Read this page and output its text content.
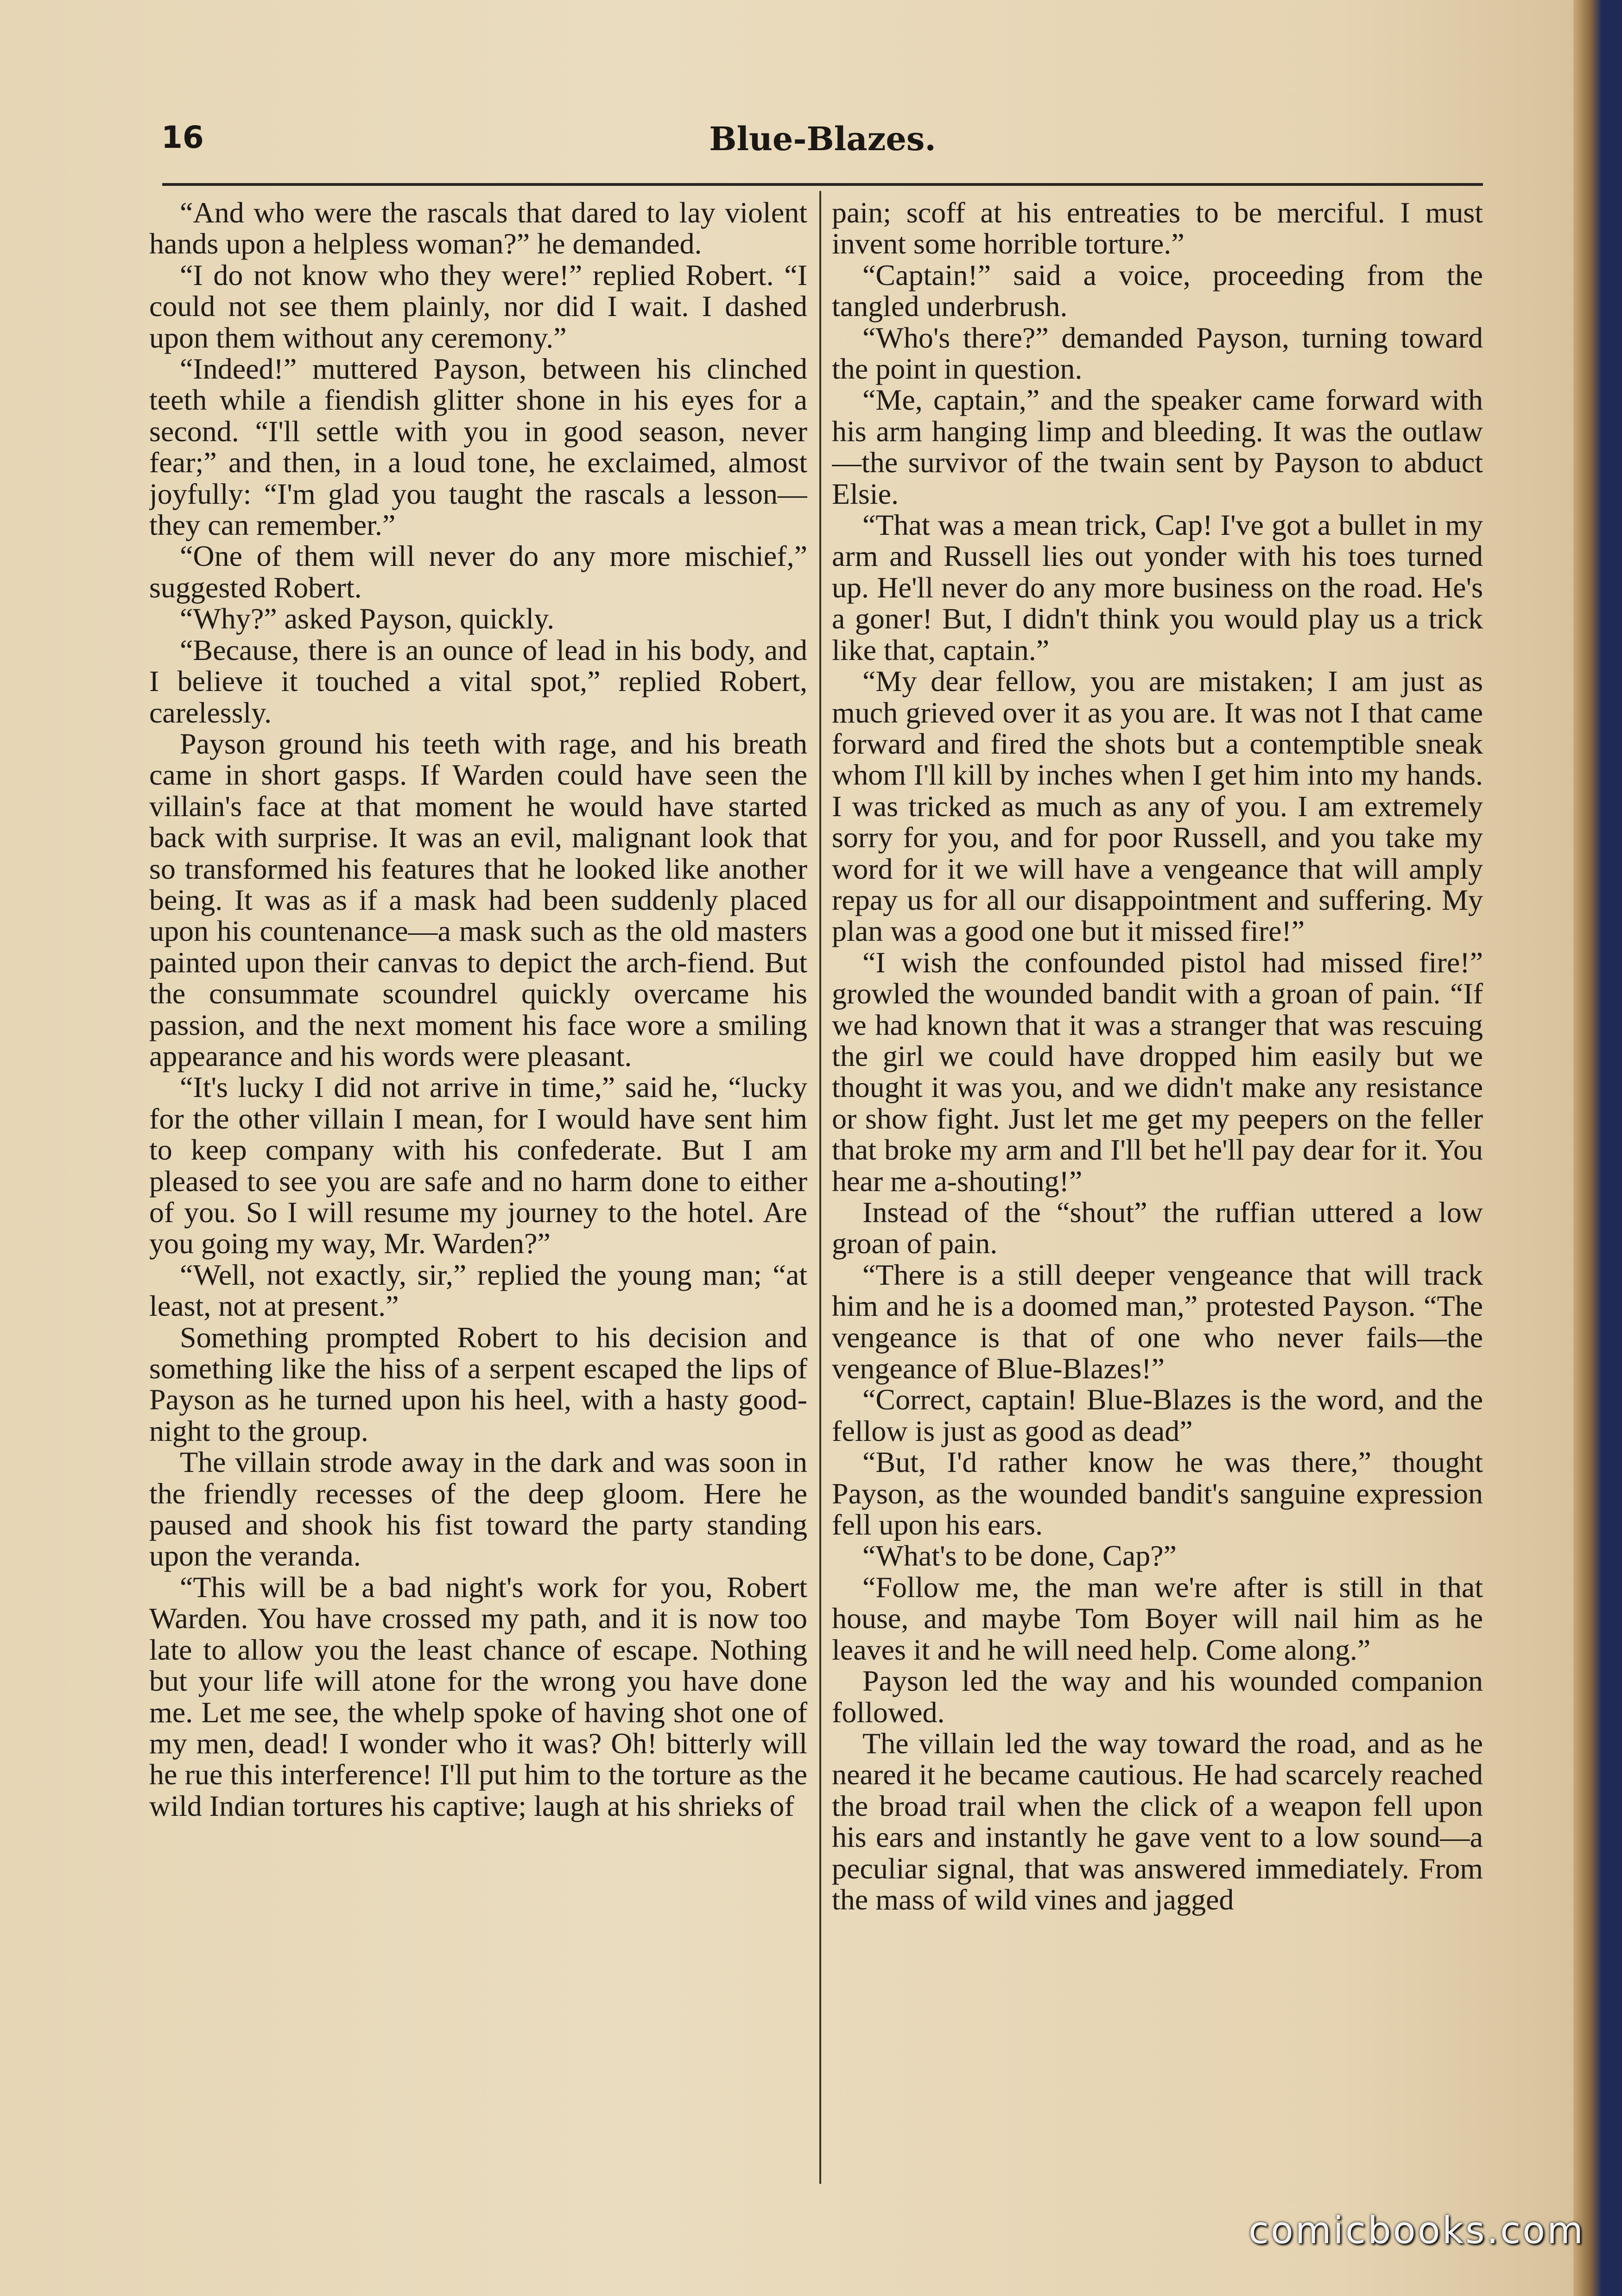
16	Blue-Blazes.

“And who were the rascals that dared to lay violent hands upon a helpless woman?” he demanded.

“I do not know who they were!” replied Robert. “I could not see them plainly, nor did I wait. I dashed upon them without any ceremony.”

“Indeed!” muttered Payson, between his clinched teeth while a fiendish glitter shone in his eyes for a second. “I'll settle with you in good season, never fear;” and then, in a loud tone, he exclaimed, almost joyfully: “I'm glad you taught the rascals a lesson—they can remember.”

“One of them will never do any more mischief,” suggested Robert.

“Why?” asked Payson, quickly.

“Because, there is an ounce of lead in his body, and I believe it touched a vital spot,” replied Robert, carelessly.

Payson ground his teeth with rage, and his breath came in short gasps. If Warden could have seen the villain's face at that moment he would have started back with surprise. It was an evil, malignant look that so transformed his features that he looked like another being. It was as if a mask had been suddenly placed upon his countenance—a mask such as the old masters painted upon their canvas to depict the arch-fiend. But the consummate scoundrel quickly overcame his passion, and the next moment his face wore a smiling appearance and his words were pleasant.

“It's lucky I did not arrive in time,” said he, “lucky for the other villain I mean, for I would have sent him to keep company with his confederate. But I am pleased to see you are safe and no harm done to either of you. So I will resume my journey to the hotel. Are you going my way, Mr. Warden?”

“Well, not exactly, sir,” replied the young man; “at least, not at present.”

Something prompted Robert to his decision and something like the hiss of a serpent escaped the lips of Payson as he turned upon his heel, with a hasty good-night to the group.

The villain strode away in the dark and was soon in the friendly recesses of the deep gloom. Here he paused and shook his fist toward the party standing upon the veranda.

“This will be a bad night's work for you, Robert Warden. You have crossed my path, and it is now too late to allow you the least chance of escape. Nothing but your life will atone for the wrong you have done me. Let me see, the whelp spoke of having shot one of my men, dead! I wonder who it was? Oh! bitterly will he rue this interference! I'll put him to the torture as the wild Indian tortures his captive; laugh at his shrieks of

pain; scoff at his entreaties to be merciful. I must invent some horrible torture.”

“Captain!” said a voice, proceeding from the tangled underbrush.

“Who's there?” demanded Payson, turning toward the point in question.

“Me, captain,” and the speaker came forward with his arm hanging limp and bleeding. It was the outlaw—the survivor of the twain sent by Payson to abduct Elsie.

“That was a mean trick, Cap! I've got a bullet in my arm and Russell lies out yonder with his toes turned up. He'll never do any more business on the road. He's a goner! But, I didn't think you would play us a trick like that, captain.”

“My dear fellow, you are mistaken; I am just as much grieved over it as you are. It was not I that came forward and fired the shots but a contemptible sneak whom I'll kill by inches when I get him into my hands. I was tricked as much as any of you. I am extremely sorry for you, and for poor Russell, and you take my word for it we will have a vengeance that will amply repay us for all our disappointment and suffering. My plan was a good one but it missed fire!”

“I wish the confounded pistol had missed fire!” growled the wounded bandit with a groan of pain. “If we had known that it was a stranger that was rescuing the girl we could have dropped him easily but we thought it was you, and we didn't make any resistance or show fight. Just let me get my peepers on the feller that broke my arm and I'll bet he'll pay dear for it. You hear me a-shouting!”

Instead of the “shout” the ruffian uttered a low groan of pain.

“There is a still deeper vengeance that will track him and he is a doomed man,” protested Payson. “The vengeance is that of one who never fails—the vengeance of Blue-Blazes!”

“Correct, captain! Blue-Blazes is the word, and the fellow is just as good as dead”

“But, I'd rather know he was there,” thought Payson, as the wounded bandit's sanguine expression fell upon his ears.

“What's to be done, Cap?”

“Follow me, the man we're after is still in that house, and maybe Tom Boyer will nail him as he leaves it and he will need help. Come along.”

Payson led the way and his wounded companion followed.

The villain led the way toward the road, and as he neared it he became cautious. He had scarcely reached the broad trail when the click of a weapon fell upon his ears and instantly he gave vent to a low sound—a peculiar signal, that was answered immediately. From the mass of wild vines and jagged

comicbooks.com
